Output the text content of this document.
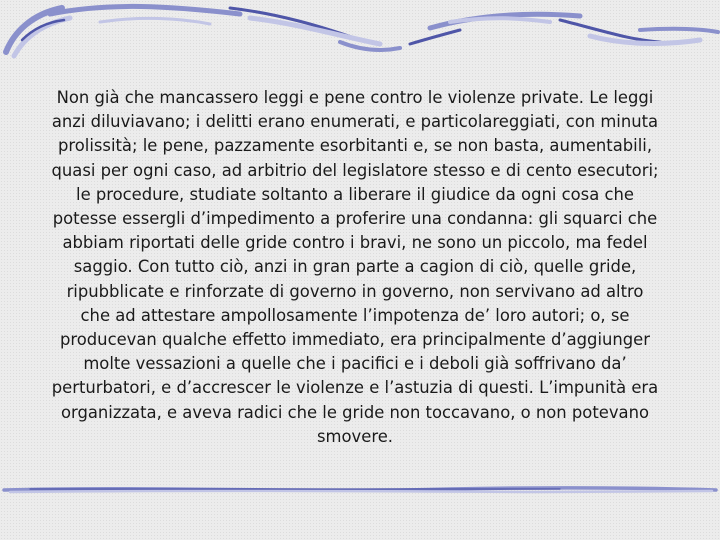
Non già che mancassero leggi e pene contro le violenze private. Le leggi anzi diluviavano; i delitti erano enumerati, e particolareggiati, con minuta prolissità; le pene, pazzamente esorbitanti e, se non basta, aumentabili, quasi per ogni caso, ad arbitrio del legislatore stesso e di cento esecutori; le procedure, studiate soltanto a liberare il giudice da ogni cosa che potesse essergli d’impedimento a proferire una condanna: gli squarci che abbiam riportati delle gride contro i bravi, ne sono un piccolo, ma fedel saggio. Con tutto ciò, anzi in gran parte a cagion di ciò, quelle gride, ripubblicate e rinforzate di governo in governo, non servivano ad altro che ad attestare ampollosamente l’impotenza de’ loro autori; o, se producevan qualche effetto immediato, era principalmente d’aggiunger molte vessazioni a quelle che i pacifici e i deboli già soffrivano da’ perturbatori, e d’accrescer le violenze e l’astuzia di questi. L’impunità era organizzata, e aveva radici che le gride non toccavano, o non potevano smovere.
